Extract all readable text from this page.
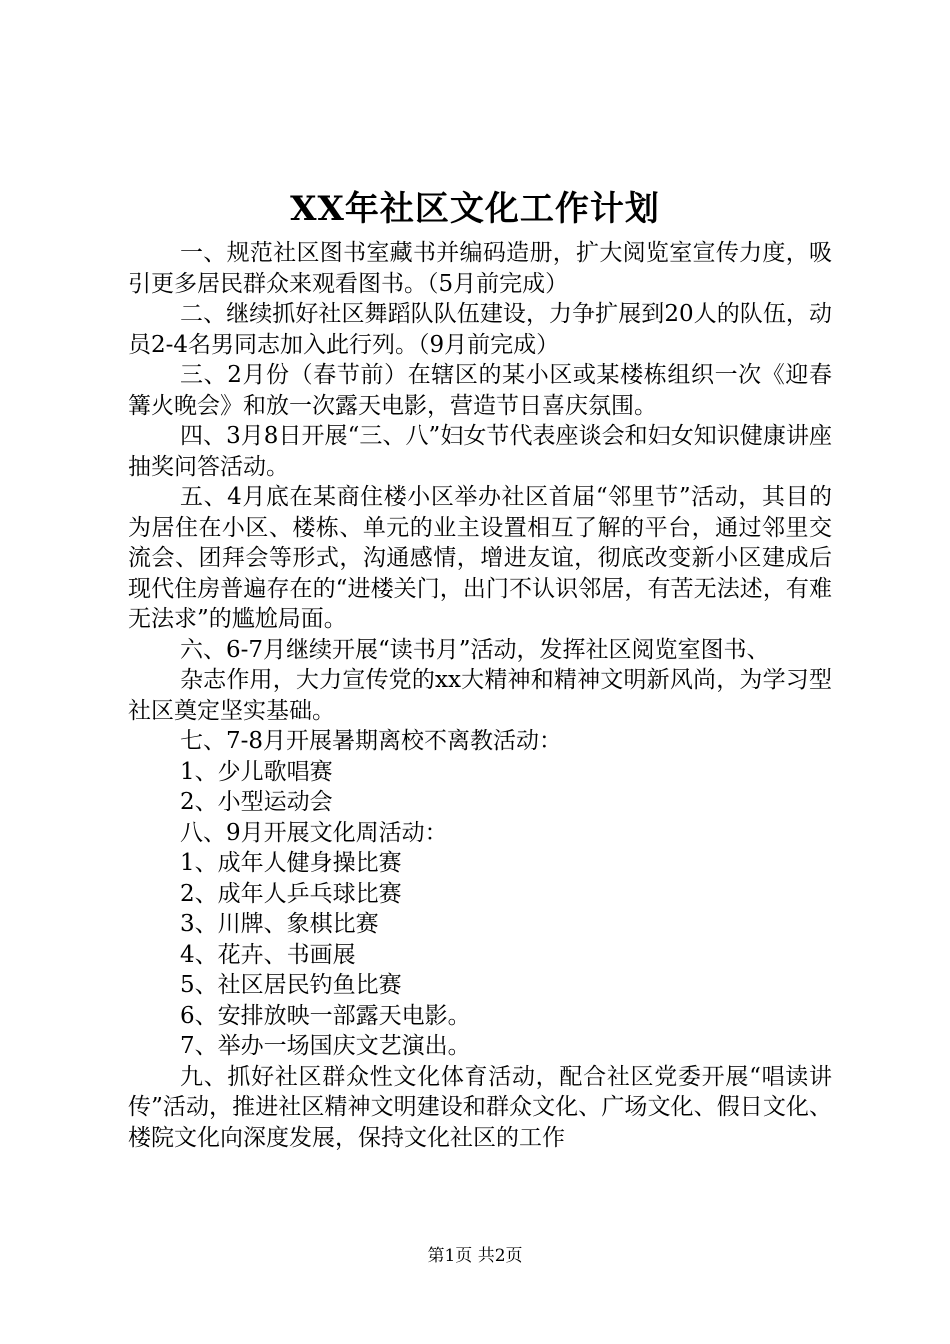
XX年社区文化工作计划

一、规范社区图书室藏书并编码造册，扩大阅览室宣传力度，吸引更多居民群众来观看图书。（5月前完成）

二、继续抓好社区舞蹈队队伍建设，力争扩展到20人的队伍，动员2-4名男同志加入此行列。（9月前完成）

三、2月份（春节前）在辖区的某小区或某楼栋组织一次《迎春篝火晚会》和放一次露天电影，营造节日喜庆氛围。

四、3月8日开展“三、八”妇女节代表座谈会和妇女知识健康讲座抽奖问答活动。

五、4月底在某商住楼小区举办社区首届“邻里节”活动，其目的为居住在小区、楼栋、单元的业主设置相互了解的平台，通过邻里交流会、团拜会等形式，沟通感情，增进友谊，彻底改变新小区建成后现代住房普遍存在的“进楼关门，出门不认识邻居，有苦无法述，有难无法求”的尴尬局面。

六、6-7月继续开展“读书月”活动，发挥社区阅览室图书、

杂志作用，大力宣传党的xx大精神和精神文明新风尚，为学习型社区奠定坚实基础。

七、7-8月开展暑期离校不离教活动：

1、少儿歌唱赛

2、小型运动会

八、9月开展文化周活动：

1、成年人健身操比赛

2、成年人乒乓球比赛

3、川牌、象棋比赛

4、花卉、书画展

5、社区居民钓鱼比赛

6、安排放映一部露天电影。

7、举办一场国庆文艺演出。

九、抓好社区群众性文化体育活动，配合社区党委开展“唱读讲传”活动，推进社区精神文明建设和群众文化、广场文化、假日文化、楼院文化向深度发展，保持文化社区的工作

第1页 共2页
